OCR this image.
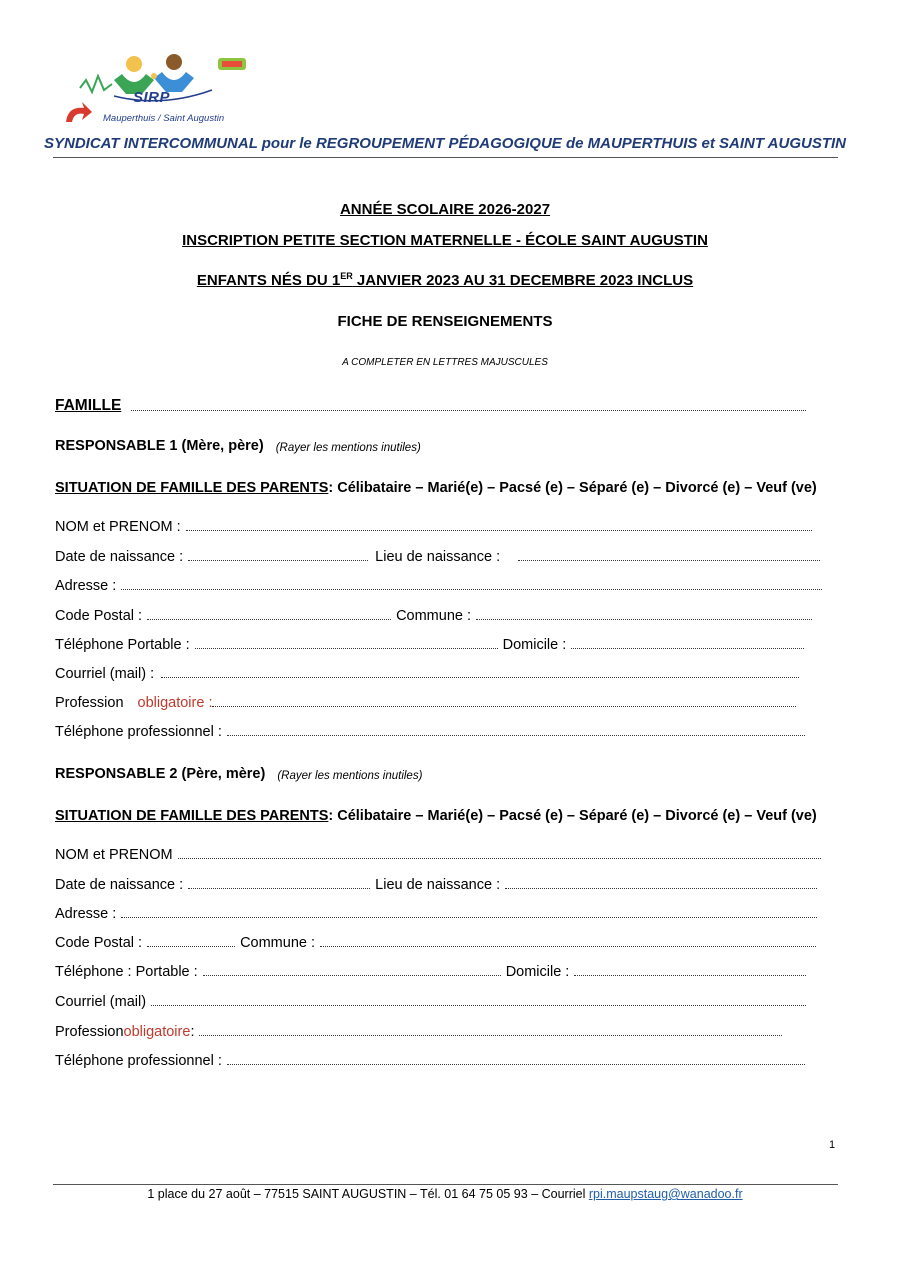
SIRP
Mauperthuis / Saint Augustin
SYNDICAT INTERCOMMUNAL pour le REGROUPEMENT PÉDAGOGIQUE de MAUPERTHUIS et SAINT AUGUSTIN
ANNÉE SCOLAIRE 2026-2027
INSCRIPTION PETITE SECTION MATERNELLE - ÉCOLE SAINT AUGUSTIN
ENFANTS NÉS DU 1ER JANVIER 2023 AU 31 DECEMBRE 2023 INCLUS
FICHE DE RENSEIGNEMENTS
A COMPLETER EN LETTRES MAJUSCULES
FAMILLE
RESPONSABLE 1 (Mère, père) (Rayer les mentions inutiles)
SITUATION DE FAMILLE DES PARENTS : Célibataire – Marié(e) – Pacsé (e) – Séparé (e) – Divorcé (e) – Veuf (ve)
NOM et PRENOM :
Date de naissance :	Lieu de naissance :
Adresse :
Code Postal :	Commune :
Téléphone Portable :	Domicile :
Courriel (mail) :
Profession obligatoire :
Téléphone professionnel :
RESPONSABLE 2 (Père, mère) (Rayer les mentions inutiles)
SITUATION DE FAMILLE DES PARENTS : Célibataire – Marié(e) – Pacsé (e) – Séparé (e) – Divorcé (e) – Veuf (ve)
NOM et PRENOM
Date de naissance :	Lieu de naissance :
Adresse :
Code Postal :	Commune :
Téléphone : Portable :	Domicile :
Courriel (mail)
Profession obligatoire :
Téléphone professionnel :
1
1 place du 27 août – 77515 SAINT AUGUSTIN – Tél. 01 64 75 05 93 – Courriel rpi.maupstaug@wanadoo.fr
